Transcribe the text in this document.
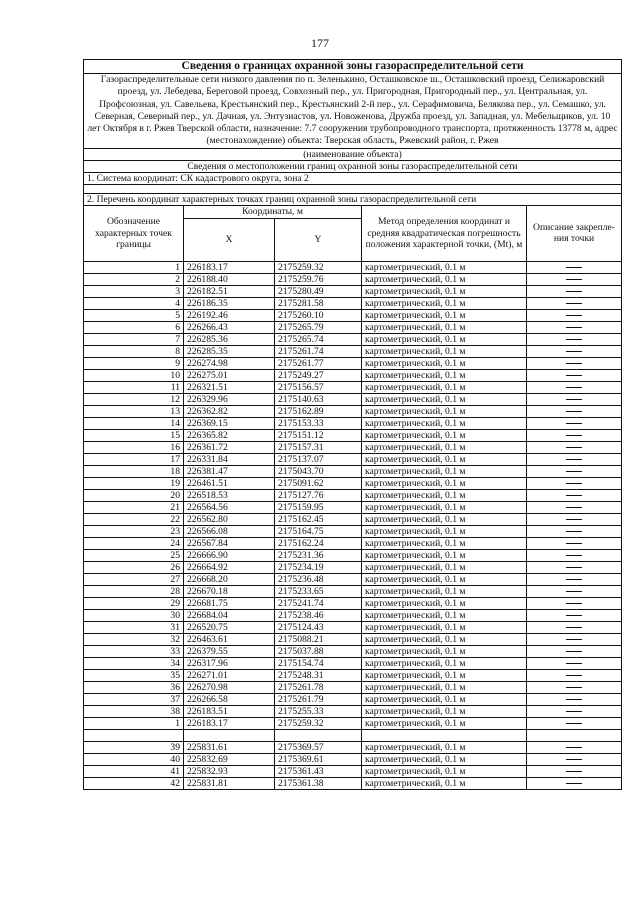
177
Сведения о границах охранной зоны газораспределительной сети				
Газораспределительные сети низкого давления по п. Зеленькино, Осташковское ш., Осташковский проезд, Селижаровский проезд, ул. Лебедева, Береговой проезд, Совхозный пер., ул. Пригородная, Пригородный пер., ул. Центральная, ул. Профсоюзная, ул. Савельева, Крестьянский пер., Крестьянский 2-й пер., ул. Серафимовича, Белякова пер., ул. Семашко, ул. Северная, Северный пер., ул. Дачная, ул. Энтузиастов, ул. Новоженова, Дружба проезд, ул. Западная, ул. Мебельщиков, ул. 10 лет Октября в г. Ржев Тверской области, назначение: 7.7 сооружения трубопроводного транспорта, протяженность 13778 м, адрес (местонахождение) объекта: Тверская область, Ржевский район, г. Ржев				
(наименование объекта)				
Сведения о местоположении границ охранной зоны газораспределительной сети				
1. Система координат: СК кадастрового округа, зона 2				

2. Перечень координат характерных точках границ охранной зоны газораспределительной сети				
Обозначение характерных точек границы	Координаты, м		Метод определения координат и средняя квадратическая погрешность положения характерной точки, (Mt), м	Описание закрепле-ния точки
	X	Y		
1	226183.17	2175259.32	картометрический, 0.1 м	
2	226188.40	2175259.76	картометрический, 0.1 м	
3	226182.51	2175280.49	картометрический, 0.1 м	
4	226186.35	2175281.58	картометрический, 0.1 м	
5	226192.46	2175260.10	картометрический, 0.1 м	
6	226266.43	2175265.79	картометрический, 0.1 м	
7	226285.36	2175265.74	картометрический, 0.1 м	
8	226285.35	2175261.74	картометрический, 0.1 м	
9	226274.98	2175261.77	картометрический, 0.1 м	
10	226275.01	2175249.27	картометрический, 0.1 м	
11	226321.51	2175156.57	картометрический, 0.1 м	
12	226329.96	2175140.63	картометрический, 0.1 м	
13	226362.82	2175162.89	картометрический, 0.1 м	
14	226369.15	2175153.33	картометрический, 0.1 м	
15	226365.82	2175151.12	картометрический, 0.1 м	
16	226361.72	2175157.31	картометрический, 0.1 м	
17	226331.84	2175137.07	картометрический, 0.1 м	
18	226381.47	2175043.70	картометрический, 0.1 м	
19	226461.51	2175091.62	картометрический, 0.1 м	
20	226518.53	2175127.76	картометрический, 0.1 м	
21	226564.56	2175159.95	картометрический, 0.1 м	
22	226562.80	2175162.45	картометрический, 0.1 м	
23	226566.08	2175164.75	картометрический, 0.1 м	
24	226567.84	2175162.24	картометрический, 0.1 м	
25	226666.90	2175231.36	картометрический, 0.1 м	
26	226664.92	2175234.19	картометрический, 0.1 м	
27	226668.20	2175236.48	картометрический, 0.1 м	
28	226670.18	2175233.65	картометрический, 0.1 м	
29	226681.75	2175241.74	картометрический, 0.1 м	
30	226684.04	2175238.46	картометрический, 0.1 м	
31	226520.75	2175124.43	картометрический, 0.1 м	
32	226463.61	2175088.21	картометрический, 0.1 м	
33	226379.55	2175037.88	картометрический, 0.1 м	
34	226317.96	2175154.74	картометрический, 0.1 м	
35	226271.01	2175248.31	картометрический, 0.1 м	
36	226270.98	2175261.78	картометрический, 0.1 м	
37	226266.58	2175261.79	картометрический, 0.1 м	
38	226183.51	2175255.33	картометрический, 0.1 м	
1	226183.17	2175259.32	картометрический, 0.1 м	

39	225831.61	2175369.57	картометрический, 0.1 м	
40	225832.69	2175369.61	картометрический, 0.1 м	
41	225832.93	2175361.43	картометрический, 0.1 м	
42	225831.81	2175361.38	картометрический, 0.1 м	
